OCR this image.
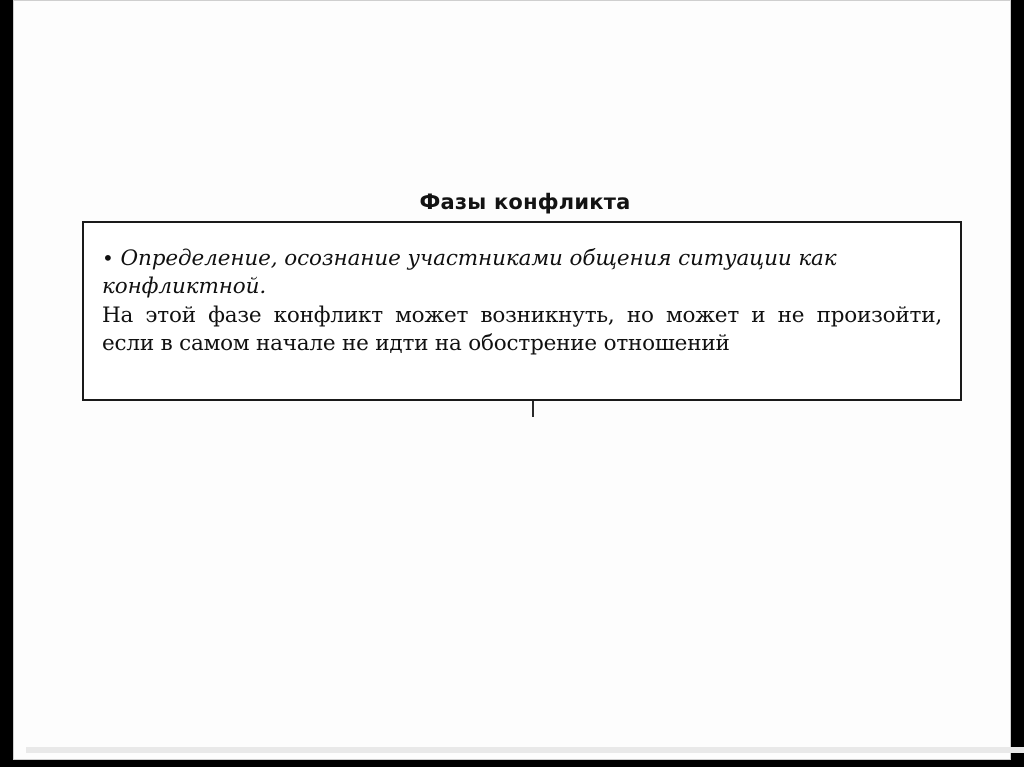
Фазы конфликта

• Определение, осознание участниками общения ситуации как конфликтной.

На этой фазе конфликт может возникнуть, но может и не произойти, если в самом начале не идти на обострение отношений
